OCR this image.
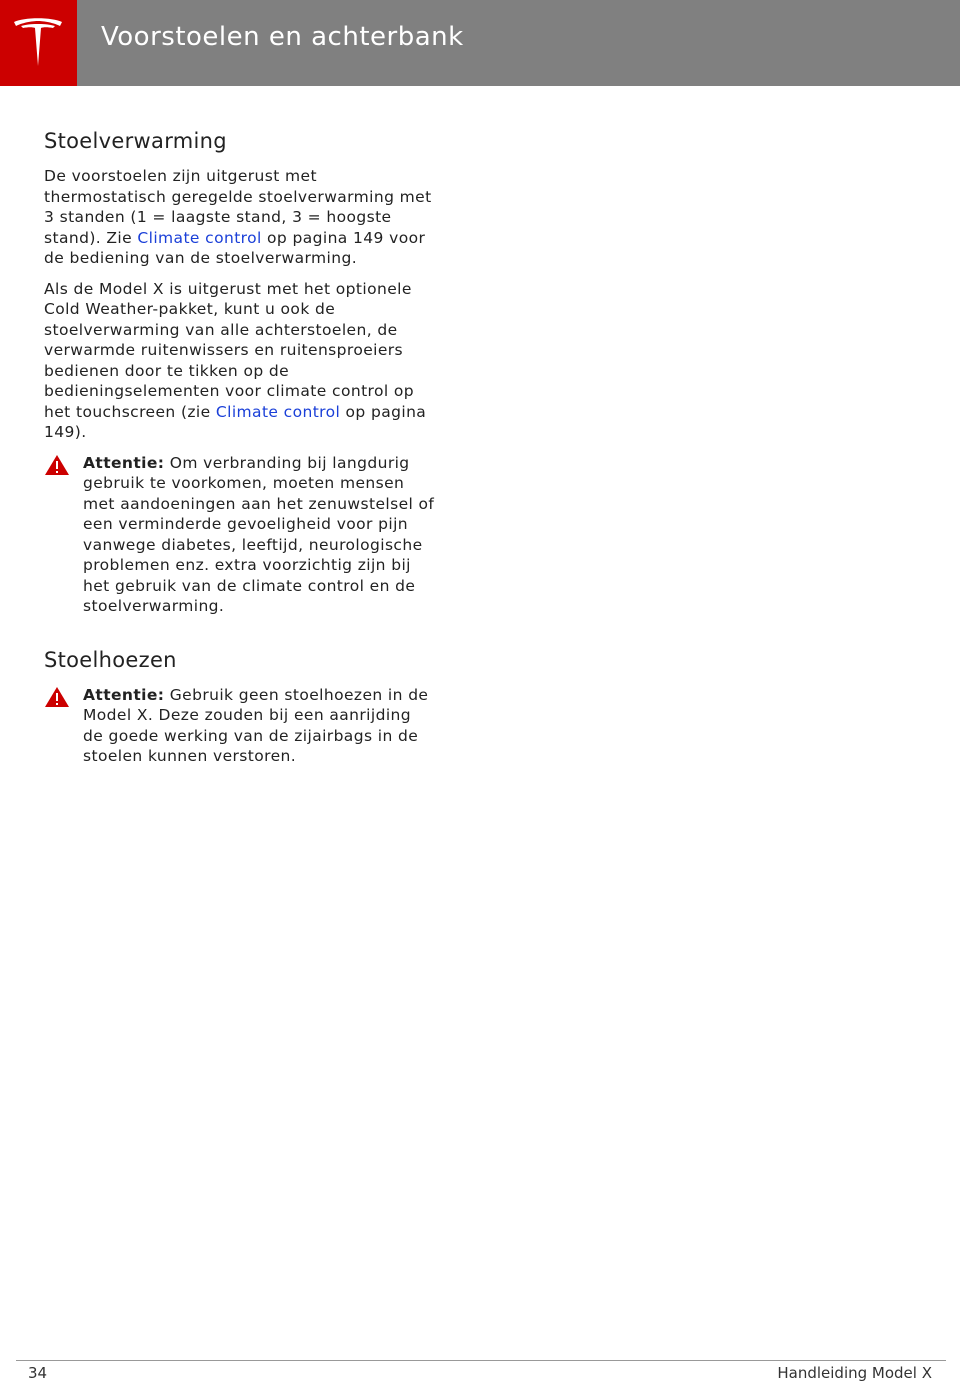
Voorstoelen en achterbank
Stoelverwarming

De voorstoelen zijn uitgerust met thermostatisch geregelde stoelverwarming met 3 standen (1 = laagste stand, 3 = hoogste stand). Zie Climate control op pagina 149 voor de bediening van de stoelverwarming.

Als de Model X is uitgerust met het optionele Cold Weather-pakket, kunt u ook de stoelverwarming van alle achterstoelen, de verwarmde ruitenwissers en ruitensproeiers bedienen door te tikken op de bedieningselementen voor climate control op het touchscreen (zie Climate control op pagina 149).

Attentie: Om verbranding bij langdurig gebruik te voorkomen, moeten mensen met aandoeningen aan het zenuwstelsel of een verminderde gevoeligheid voor pijn vanwege diabetes, leeftijd, neurologische problemen enz. extra voorzichtig zijn bij het gebruik van de climate control en de stoelverwarming.
Stoelhoezen
Attentie: Gebruik geen stoelhoezen in de Model X. Deze zouden bij een aanrijding de goede werking van de zijairbags in de stoelen kunnen verstoren.
34	Handleiding Model X
